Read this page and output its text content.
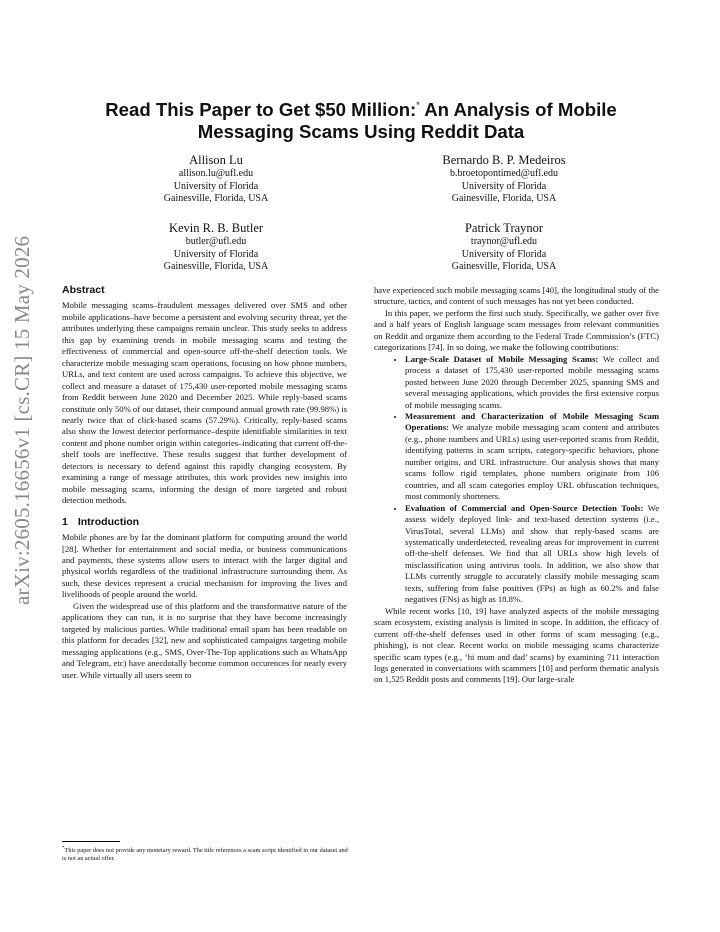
arXiv:2605.16656v1 [cs.CR] 15 May 2026
Read This Paper to Get $50 Million:* An Analysis of Mobile Messaging Scams Using Reddit Data
Allison Lu
allison.lu@ufl.edu
University of Florida
Gainesville, Florida, USA
Bernardo B. P. Medeiros
b.broetopontimed@ufl.edu
University of Florida
Gainesville, Florida, USA
Kevin R. B. Butler
butler@ufl.edu
University of Florida
Gainesville, Florida, USA
Patrick Traynor
traynor@ufl.edu
University of Florida
Gainesville, Florida, USA
Abstract

Mobile messaging scams–fraudulent messages delivered over SMS and other mobile applications–have become a persistent and evolving security threat, yet the attributes underlying these campaigns remain unclear. This study seeks to address this gap by examining trends in mobile messaging scams and testing the effectiveness of commercial and open-source off-the-shelf detection tools. We characterize mobile messaging scam operations, focusing on how phone numbers, URLs, and text content are used across campaigns. To achieve this objective, we collect and measure a dataset of 175,430 user-reported mobile messaging scams from Reddit between June 2020 and December 2025. While reply-based scams constitute only 50% of our dataset, their compound annual growth rate (99.98%) is nearly twice that of click-based scams (57.29%). Critically, reply-based scams also show the lowest detector performance–despite identifiable similarities in text content and phone number origin within categories–indicating that current off-the-shelf tools are ineffective. These results suggest that further development of detectors is necessary to defend against this rapidly changing ecosystem. By examining a range of message attributes, this work provides new insights into mobile messaging scams, informing the design of more targeted and robust detection methods.

1 Introduction

Mobile phones are by far the dominant platform for computing around the world [28]. Whether for entertainment and social media, or business communications and payments, these systems allow users to interact with the larger digital and physical worlds regardless of the traditional infrastructure surrounding them. As such, these devices represent a crucial mechanism for improving the lives and livelihoods of people around the world.

Given the widespread use of this platform and the transformative nature of the applications they can run, it is no surprise that they have become increasingly targeted by malicious parties. While traditional email spam has been readable on this platform for decades [32], new and sophisticated campaigns targeting mobile messaging applications (e.g., SMS, Over-The-Top applications such as WhatsApp and Telegram, etc) have anecdotally become common occurences for nearly every user. While virtually all users seem to

have experienced such mobile messaging scams [40], the longitudinal study of the structure, tactics, and content of such messages has not yet been conducted.

In this paper, we perform the first such study. Specifically, we gather over five and a half years of English language scam messages from relevant communities on Reddit and organize them according to the Federal Trade Commission’s (FTC) categorizations [74]. In so doing, we make the following contributions:

• Large-Scale Dataset of Mobile Messaging Scams: We collect and process a dataset of 175,430 user-reported mobile messaging scams posted between June 2020 through December 2025, spanning SMS and several messaging applications, which provides the first extensive corpus of mobile messaging scams.
• Measurement and Characterization of Mobile Messaging Scam Operations: We analyze mobile messaging scam content and attributes (e.g., phone numbers and URLs) using user-reported scams from Reddit, identifying patterns in scam scripts, category-specific behaviors, phone number origins, and URL infrastructure. Our analysis shows that many scams follow rigid templates, phone numbers originate from 106 countries, and all scam categories employ URL obfuscation techniques, most commonly shorteners.
• Evaluation of Commercial and Open-Source Detection Tools: We assess widely deployed link- and text-based detection systems (i.e., VirusTotal, several LLMs) and show that reply-based scams are systematically underdetected, revealing areas for improvement in current off-the-shelf defenses. We find that all URLs show high levels of misclassification using antivirus tools. In addition, we also show that LLMs currently struggle to accurately classify mobile messaging scam texts, suffering from false positives (FPs) as high as 60.2% and false negatives (FNs) as high as 18.8%.

While recent works [10, 19] have analyzed aspects of the mobile messaging scam ecosystem, existing analysis is limited in scope. In addition, the efficacy of current off-the-shelf defenses used in other forms of scam messaging (e.g., phishing), is not clear. Recent works on mobile messaging scams characterize specific scam types (e.g., ‘hi mum and dad’ scams) by examining 711 interaction logs generated in conversations with scammers [10] and perform thematic analysis on 1,525 Reddit posts and comments [19]. Our large-scale

*This paper does not provide any monetary reward. The title references a scam script identified in our dataset and is not an actual offer.
